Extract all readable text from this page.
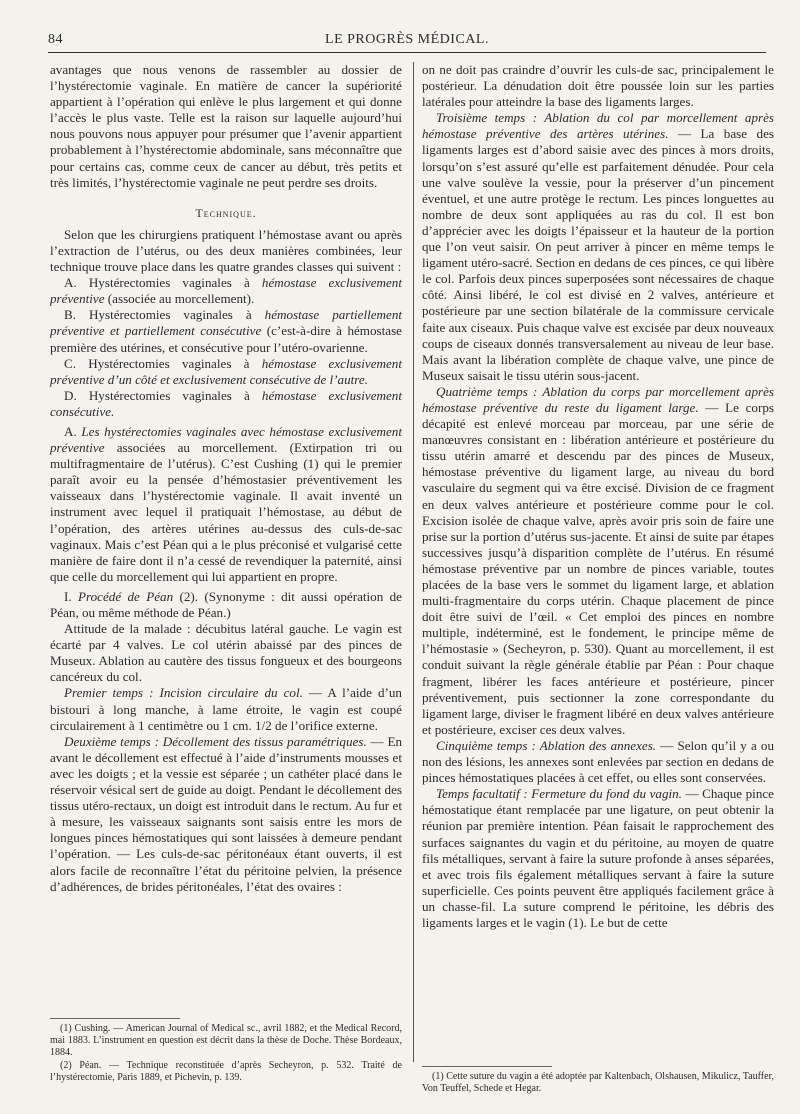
84	LE PROGRÈS MÉDICAL.

avantages que nous venons de rassembler au dossier de l’hystérectomie vaginale. En matière de cancer la supériorité appartient à l’opération qui enlève le plus largement et qui donne l’accès le plus vaste. Telle est la raison sur laquelle aujourd’hui nous pouvons nous appuyer pour présumer que l’avenir appartient probablement à l’hystérectomie abdominale, sans méconnaître que pour certains cas, comme ceux de cancer au début, très petits et très limités, l’hystérectomie vaginale ne peut perdre ses droits.

Technique.

Selon que les chirurgiens pratiquent l’hémostase avant ou après l’extraction de l’utérus, ou des deux manières combinées, leur technique trouve place dans les quatre grandes classes qui suivent :

A. Hystérectomies vaginales à hémostase exclusivement préventive (associée au morcellement).

B. Hystérectomies vaginales à hémostase partiellement préventive et partiellement consécutive (c’est-à-dire à hémostase première des utérines, et consécutive pour l’utéro-ovarienne.

C. Hystérectomies vaginales à hémostase exclusivement préventive d’un côté et exclusivement consécutive de l’autre.

D. Hystérectomies vaginales à hémostase exclusivement consécutive.

A. Les hystérectomies vaginales avec hémostase exclusivement préventive associées au morcellement. (Extirpation tri ou multifragmentaire de l’utérus). C’est Cushing (1) qui le premier paraît avoir eu la pensée d’hémostasier préventivement les vaisseaux dans l’hystérectomie vaginale. Il avait inventé un instrument avec lequel il pratiquait l’hémostase, au début de l’opération, des artères utérines au-dessus des culs-de-sac vaginaux. Mais c’est Péan qui a le plus préconisé et vulgarisé cette manière de faire dont il n’a cessé de revendiquer la paternité, ainsi que celle du morcellement qui lui appartient en propre.

I. Procédé de Péan (2). (Synonyme : dit aussi opération de Péan, ou même méthode de Péan.)

Attitude de la malade : décubitus latéral gauche. Le vagin est écarté par 4 valves. Le col utérin abaissé par des pinces de Museux. Ablation au cautère des tissus fongueux et des bourgeons cancéreux du col.

Premier temps : Incision circulaire du col. — A l’aide d’un bistouri à long manche, à lame étroite, le vagin est coupé circulairement à 1 centimètre ou 1 cm. 1/2 de l’orifice externe.

Deuxième temps : Décollement des tissus paramétriques. — En avant le décollement est effectué à l’aide d’instruments mousses et avec les doigts ; et la vessie est séparée ; un cathéter placé dans le réservoir vésical sert de guide au doigt. Pendant le décollement des tissus utéro-rectaux, un doigt est introduit dans le rectum. Au fur et à mesure, les vaisseaux saignants sont saisis entre les mors de longues pinces hémostatiques qui sont laissées à demeure pendant l’opération. — Les culs-de-sac péritonéaux étant ouverts, il est alors facile de reconnaître l’état du péritoine pelvien, la présence d’adhérences, de brides péritonéales, l’état des ovaires :

(1) Cushing. — American Journal of Medical sc., avril 1882, et the Medical Record, mai 1883. L’instrument en question est décrit dans la thèse de Doche. Thèse Bordeaux, 1884.

(2) Péan. — Technique reconstituée d’après Secheyron, p. 532. Traité de l’hystérectomie, Paris 1889, et Pichevin, p. 139.

on ne doit pas craindre d’ouvrir les culs-de sac, principalement le postérieur. La dénudation doit être poussée loin sur les parties latérales pour atteindre la base des ligaments larges.

Troisième temps : Ablation du col par morcellement après hémostase préventive des artères utérines. — La base des ligaments larges est d’abord saisie avec des pinces à mors droits, lorsqu’on s’est assuré qu’elle est parfaitement dénudée. Pour cela une valve soulève la vessie, pour la préserver d’un pincement éventuel, et une autre protège le rectum. Les pinces longuettes au nombre de deux sont appliquées au ras du col. Il est bon d’apprécier avec les doigts l’épaisseur et la hauteur de la portion que l’on veut saisir. On peut arriver à pincer en même temps le ligament utéro-sacré. Section en dedans de ces pinces, ce qui libère le col. Parfois deux pinces superposées sont nécessaires de chaque côté. Ainsi libéré, le col est divisé en 2 valves, antérieure et postérieure par une section bilatérale de la commissure cervicale faite aux ciseaux. Puis chaque valve est excisée par deux nouveaux coups de ciseaux donnés transversalement au niveau de leur base. Mais avant la libération complète de chaque valve, une pince de Museux saisait le tissu utérin sous-jacent.

Quatrième temps : Ablation du corps par morcellement après hémostase préventive du reste du ligament large. — Le corps décapité est enlevé morceau par morceau, par une série de manœuvres consistant en : libération antérieure et postérieure du tissu utérin amarré et descendu par des pinces de Museux, hémostase préventive du ligament large, au niveau du bord vasculaire du segment qui va être excisé. Division de ce fragment en deux valves antérieure et postérieure comme pour le col. Excision isolée de chaque valve, après avoir pris soin de faire une prise sur la portion d’utérus sus-jacente. Et ainsi de suite par étapes successives jusqu’à disparition complète de l’utérus. En résumé hémostase préventive par un nombre de pinces variable, toutes placées de la base vers le sommet du ligament large, et ablation multi-fragmentaire du corps utérin. Chaque placement de pince doit être suivi de l’œil. « Cet emploi des pinces en nombre multiple, indéterminé, est le fondement, le principe même de l’hémostasie » (Secheyron, p. 530). Quant au morcellement, il est conduit suivant la règle générale établie par Péan : Pour chaque fragment, libérer les faces antérieure et postérieure, pincer préventivement, puis sectionner la zone correspondante du ligament large, diviser le fragment libéré en deux valves antérieure et postérieure, exciser ces deux valves.

Cinquième temps : Ablation des annexes. — Selon qu’il y a ou non des lésions, les annexes sont enlevées par section en dedans de pinces hémostatiques placées à cet effet, ou elles sont conservées.

Temps facultatif : Fermeture du fond du vagin. — Chaque pince hémostatique étant remplacée par une ligature, on peut obtenir la réunion par première intention. Péan faisait le rapprochement des surfaces saignantes du vagin et du péritoine, au moyen de quatre fils métalliques, servant à faire la suture profonde à anses séparées, et avec trois fils également métalliques servant à faire la suture superficielle. Ces points peuvent être appliqués facilement grâce à un chasse-fil. La suture comprend le péritoine, les débris des ligaments larges et le vagin (1). Le but de cette

(1) Cette suture du vagin a été adoptée par Kaltenbach, Olshausen, Mikulicz, Tauffer, Von Teuffel, Schede et Hegar.
